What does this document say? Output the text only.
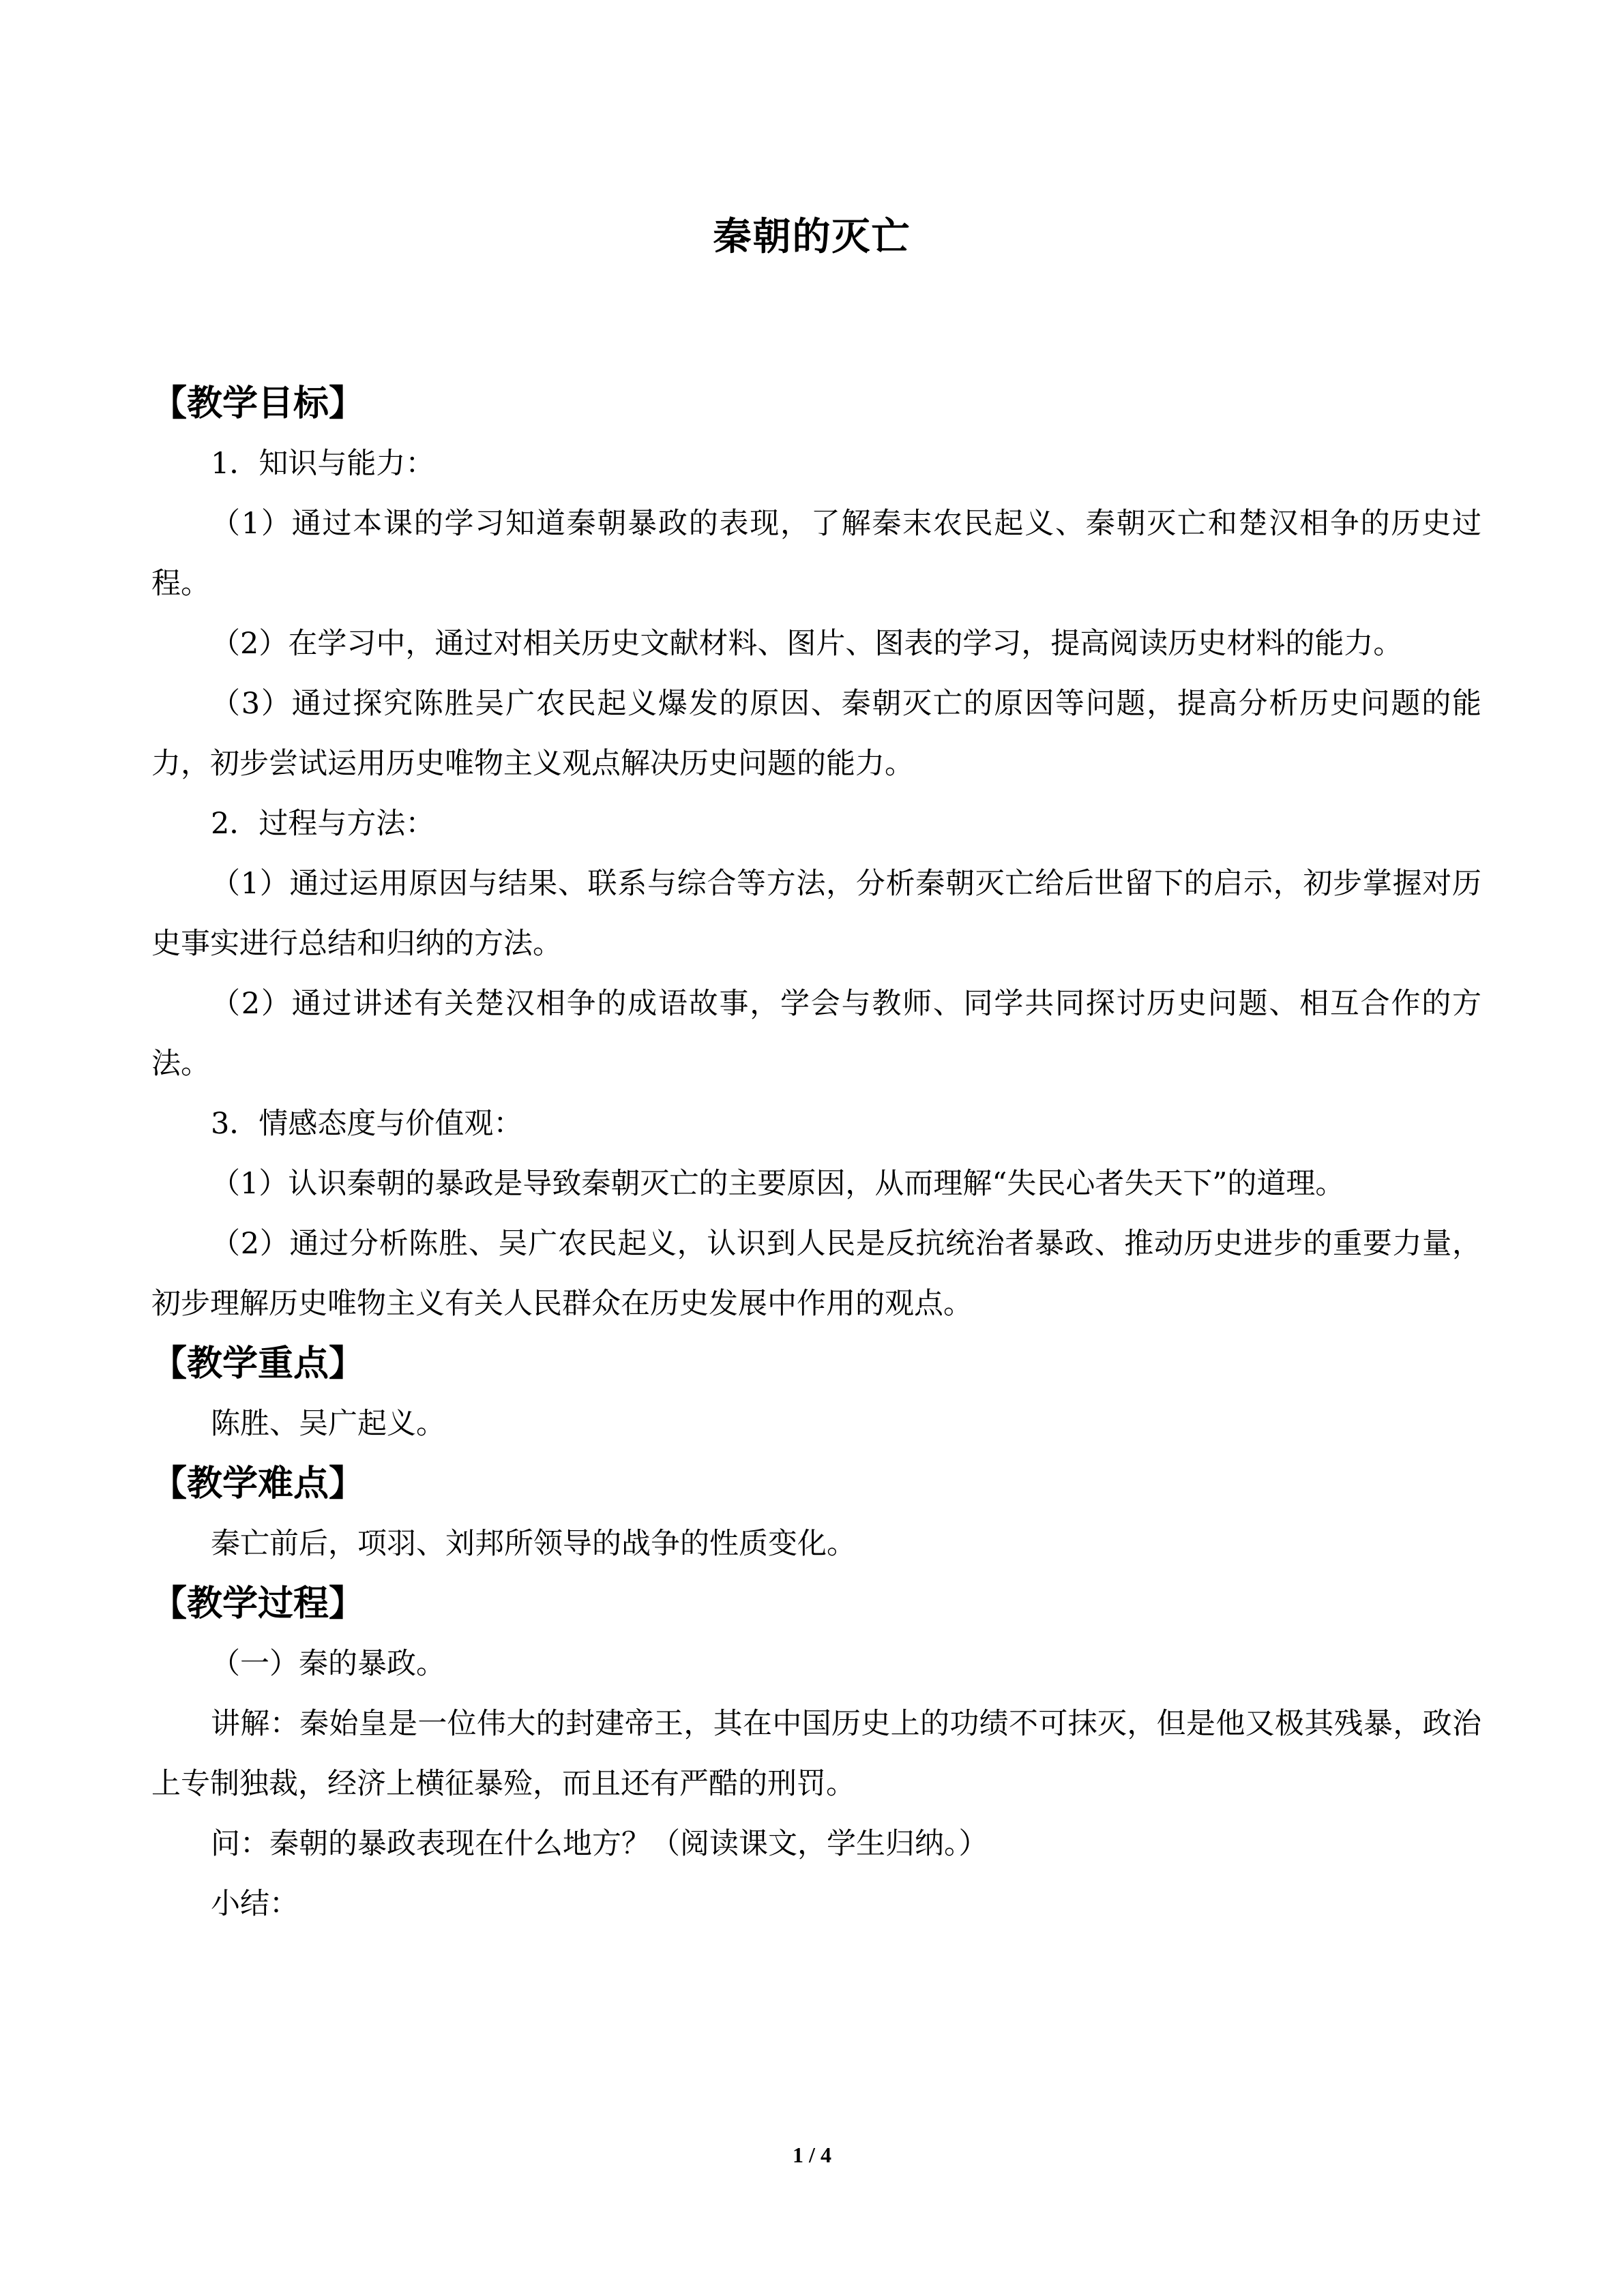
秦朝的灭亡
【教学目标】

1．知识与能力：

（1）通过本课的学习知道秦朝暴政的表现，了解秦末农民起义、秦朝灭亡和楚汉相争的历史过程。

（2）在学习中，通过对相关历史文献材料、图片、图表的学习，提高阅读历史材料的能力。

（3）通过探究陈胜吴广农民起义爆发的原因、秦朝灭亡的原因等问题，提高分析历史问题的能力，初步尝试运用历史唯物主义观点解决历史问题的能力。

2．过程与方法：

（1）通过运用原因与结果、联系与综合等方法，分析秦朝灭亡给后世留下的启示，初步掌握对历史事实进行总结和归纳的方法。

（2）通过讲述有关楚汉相争的成语故事，学会与教师、同学共同探讨历史问题、相互合作的方法。

3．情感态度与价值观：

（1）认识秦朝的暴政是导致秦朝灭亡的主要原因，从而理解“失民心者失天下”的道理。

（2）通过分析陈胜、吴广农民起义，认识到人民是反抗统治者暴政、推动历史进步的重要力量，初步理解历史唯物主义有关人民群众在历史发展中作用的观点。

【教学重点】

陈胜、吴广起义。

【教学难点】

秦亡前后，项羽、刘邦所领导的战争的性质变化。

【教学过程】

（一）秦的暴政。

讲解：秦始皇是一位伟大的封建帝王，其在中国历史上的功绩不可抹灭，但是他又极其残暴，政治上专制独裁，经济上横征暴殓，而且还有严酷的刑罚。

问：秦朝的暴政表现在什么地方？（阅读课文，学生归纳。）

小结：

1 / 4
